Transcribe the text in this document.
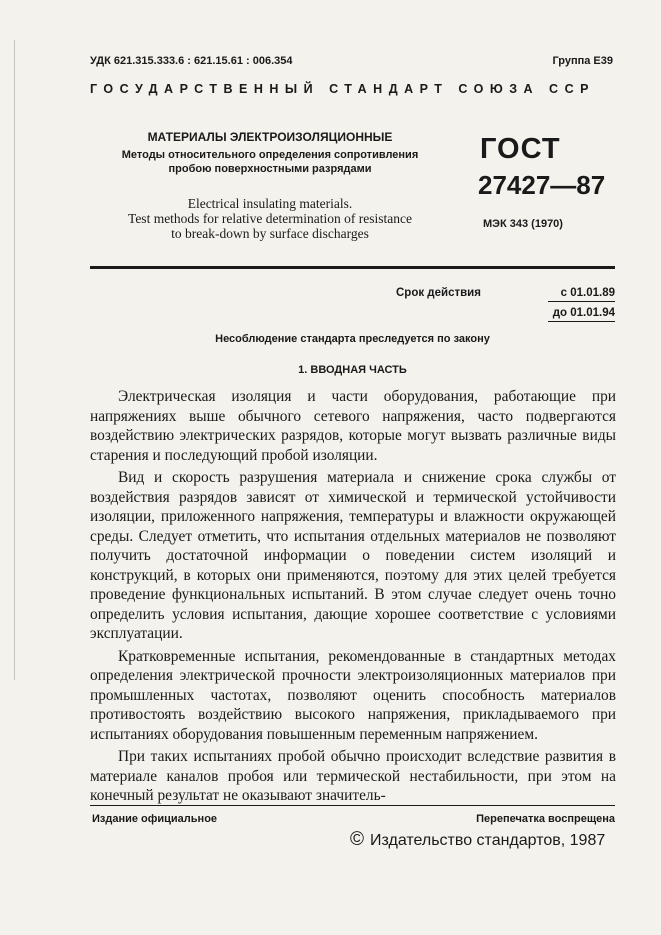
УДК 621.315.333.6 : 621.15.61 : 006.354	Группа Е39
ГОСУДАРСТВЕННЫЙ СТАНДАРТ СОЮЗА ССР
МАТЕРИАЛЫ ЭЛЕКТРОИЗОЛЯЦИОННЫЕ
Методы относительного определения сопротивления
пробою поверхностными разрядами
Electrical insulating materials.
Test methods for relative determination of resistance
to break-down by surface discharges
ГОСТ
27427—87
МЭК 343 (1970)
Срок действия	с 01.01.89
до 01.01.94
Несоблюдение стандарта преследуется по закону
1. ВВОДНАЯ ЧАСТЬ

Электрическая изоляция и части оборудования, работающие при напряжениях выше обычного сетевого напряжения, часто подвергаются воздействию электрических разрядов, которые могут вызвать различные виды старения и последующий пробой изоляции.

Вид и скорость разрушения материала и снижение срока службы от воздействия разрядов зависят от химической и термической устойчивости изоляции, приложенного напряжения, температуры и влажности окружающей среды. Следует отметить, что испытания отдельных материалов не позволяют получить достаточной информации о поведении систем изоляций и конструкций, в которых они применяются, поэтому для этих целей требуется проведение функциональных испытаний. В этом случае следует очень точно определить условия испытания, дающие хорошее соответствие с условиями эксплуатации.

Кратковременные испытания, рекомендованные в стандартных методах определения электрической прочности электроизоляционных материалов при промышленных частотах, позволяют оценить способность материалов противостоять воздействию высокого напряжения, прикладываемого при испытаниях оборудования повышенным переменным напряжением.

При таких испытаниях пробой обычно происходит вследствие развития в материале каналов пробоя или термической нестабильности, при этом на конечный результат не оказывают значитель-

Издание официальное	Перепечатка воспрещена
© Издательство стандартов, 1987
